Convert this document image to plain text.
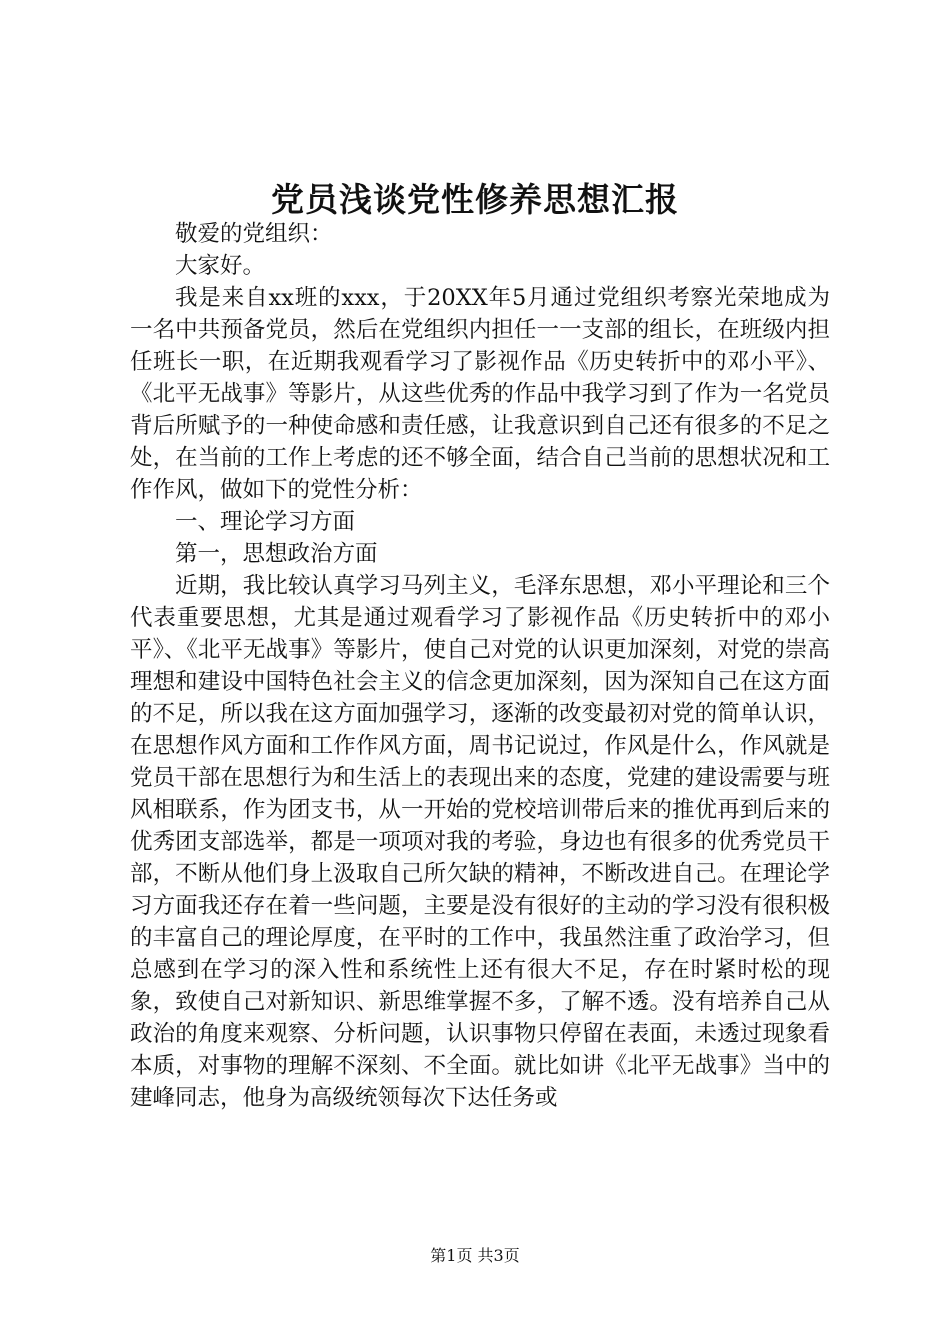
党员浅谈党性修养思想汇报

敬爱的党组织：

大家好。

我是来自xx班的xxx，于20XX年5月通过党组织考察光荣地成为一名中共预备党员，然后在党组织内担任一一支部的组长，在班级内担任班长一职，在近期我观看学习了影视作品《历史转折中的邓小平》、《北平无战事》等影片，从这些优秀的作品中我学习到了作为一名党员背后所赋予的一种使命感和责任感，让我意识到自己还有很多的不足之处，在当前的工作上考虑的还不够全面，结合自己当前的思想状况和工作作风，做如下的党性分析：

一、理论学习方面

第一，思想政治方面

近期，我比较认真学习马列主义，毛泽东思想，邓小平理论和三个代表重要思想，尤其是通过观看学习了影视作品《历史转折中的邓小平》、《北平无战事》等影片，使自己对党的认识更加深刻，对党的崇高理想和建设中国特色社会主义的信念更加深刻，因为深知自己在这方面的不足，所以我在这方面加强学习，逐渐的改变最初对党的简单认识，在思想作风方面和工作作风方面，周书记说过，作风是什么，作风就是党员干部在思想行为和生活上的表现出来的态度，党建的建设需要与班风相联系，作为团支书，从一开始的党校培训带后来的推优再到后来的优秀团支部选举，都是一项项对我的考验，身边也有很多的优秀党员干部，不断从他们身上汲取自己所欠缺的精神，不断改进自己。在理论学习方面我还存在着一些问题，主要是没有很好的主动的学习没有很积极的丰富自己的理论厚度，在平时的工作中，我虽然注重了政治学习，但总感到在学习的深入性和系统性上还有很大不足，存在时紧时松的现象，致使自己对新知识、新思维掌握不多，了解不透。没有培养自己从政治的角度来观察、分析问题，认识事物只停留在表面，未透过现象看本质，对事物的理解不深刻、不全面。就比如讲《北平无战事》当中的建峰同志，他身为高级统领每次下达任务或

第1页 共3页
